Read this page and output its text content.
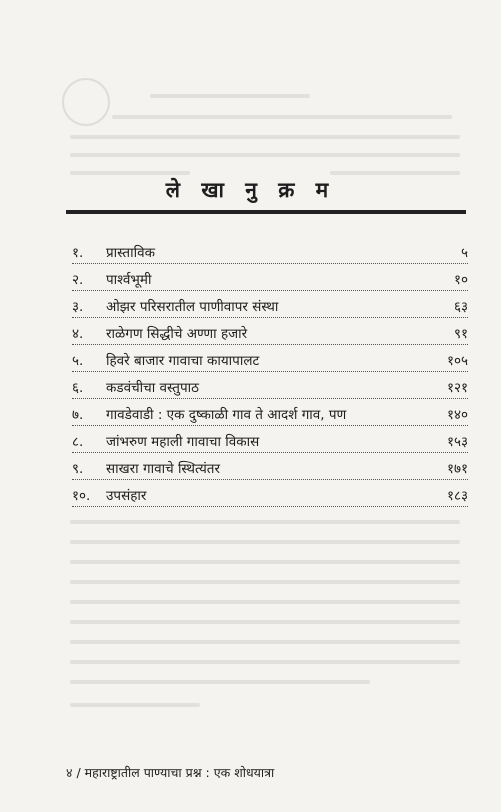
ले खा नु क्र म
१. प्रास्ताविक	५
२. पार्श्वभूमी	१०
३. ओझर परिसरातील पाणीवापर संस्था	६३
४. राळेगण सिद्धीचे अण्णा हजारे	९१
५. हिवरे बाजार गावाचा कायापालट	१०५
६. कडवंचीचा वस्तुपाठ	१२१
७. गावडेवाडी : एक दुष्काळी गाव ते आदर्श गाव, पण	१४०
८. जांभरुण महाली गावाचा विकास	१५३
९. साखरा गावाचे स्थित्यंतर	१७१
१०. उपसंहार	१८३
४ / महाराष्ट्रातील पाण्याचा प्रश्न : एक शोधयात्रा
